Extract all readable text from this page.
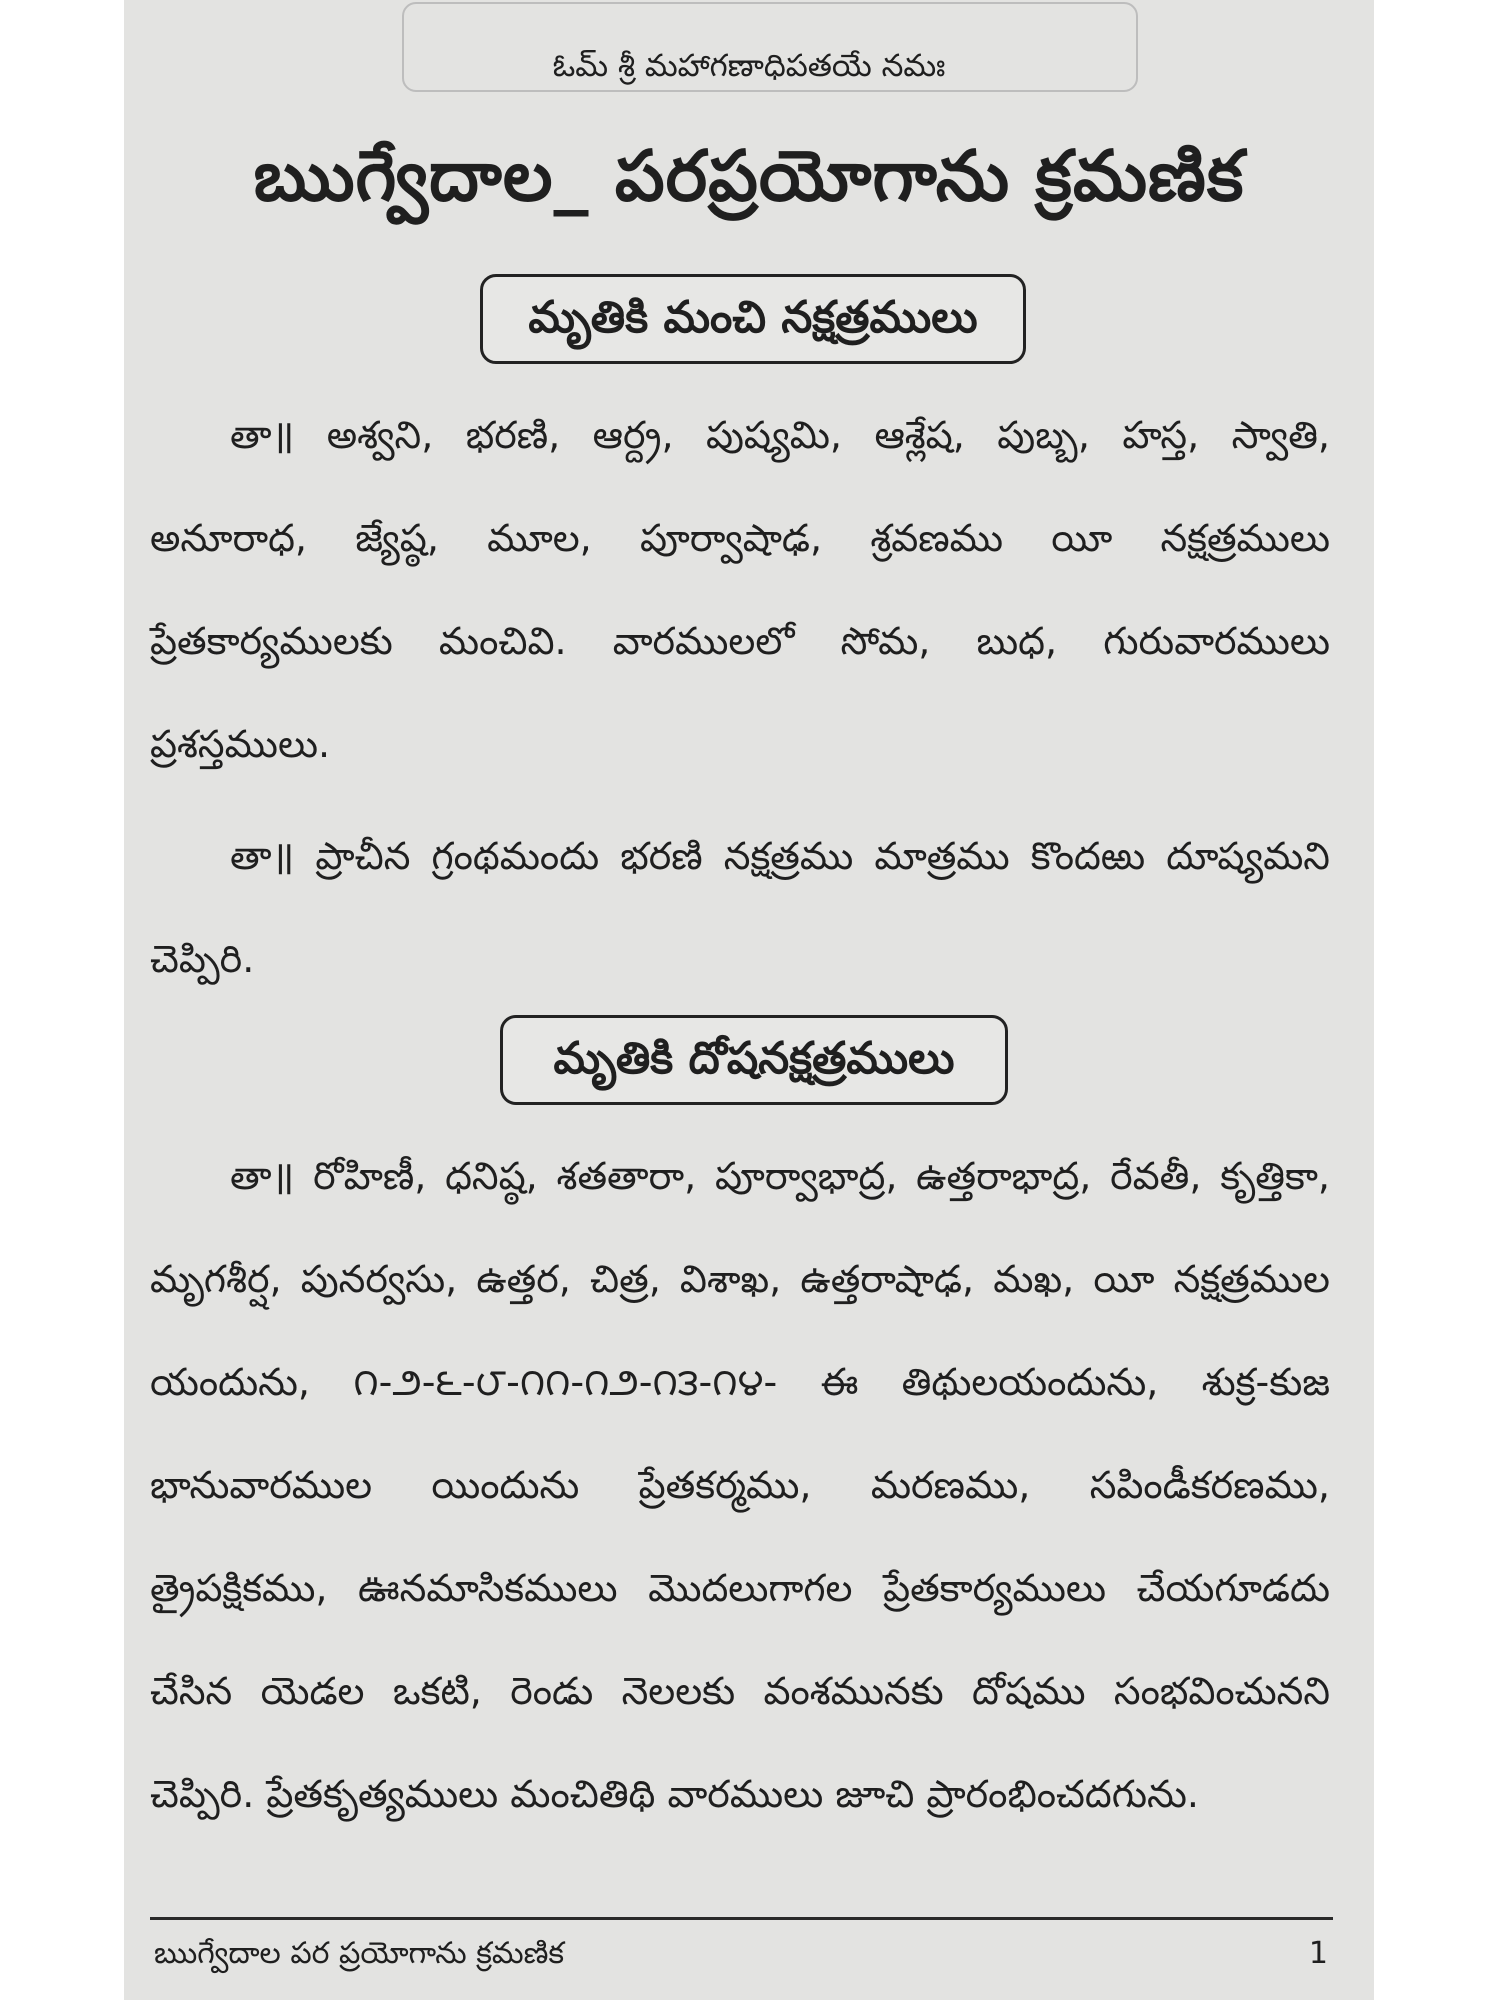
ఓమ్ శ్రీ మహాగణాధిపతయే నమః
ఋగ్వేదాల_ పరప్రయోగాను క్రమణిక
మృతికి మంచి నక్షత్రములు

తా॥ అశ్వని, భరణి, ఆర్ద్ర, పుష్యమి, ఆశ్లేష, పుబ్బ, హస్త, స్వాతి, అనూరాధ, జ్యేష్ఠ, మూల, పూర్వాషాఢ, శ్రవణము యీ నక్షత్రములు ప్రేతకార్యములకు మంచివి. వారములలో సోమ, బుధ, గురువారములు ప్రశస్తములు.

తా॥ ప్రాచీన గ్రంథమందు భరణి నక్షత్రము మాత్రము కొందఱు దూష్యమని చెప్పిరి.

మృతికి దోషనక్షత్రములు

తా॥ రోహిణీ, ధనిష్ఠ, శతతారా, పూర్వాభాద్ర, ఉత్తరాభాద్ర, రేవతీ, కృత్తికా, మృగశీర్ష, పునర్వసు, ఉత్తర, చిత్ర, విశాఖ, ఉత్తరాషాఢ, మఖ, యీ నక్షత్రముల యందును, ౧-౨-౬-౮-౧౧-౧౨-౧౩-౧౪- ఈ తిథులయందును, శుక్ర-కుజ భానువారముల యిందును ప్రేతకర్మము, మరణము, సపిండీకరణము, త్రైపక్షికము, ఊనమాసికములు మొదలుగాగల ప్రేతకార్యములు చేయగూడదు చేసిన యెడల ఒకటి, రెండు నెలలకు వంశమునకు దోషము సంభవించునని చెప్పిరి. ప్రేతకృత్యములు మంచితిథి వారములు జూచి ప్రారంభించదగును.

ఋగ్వేదాల పర ప్రయోగాను క్రమణిక	1
